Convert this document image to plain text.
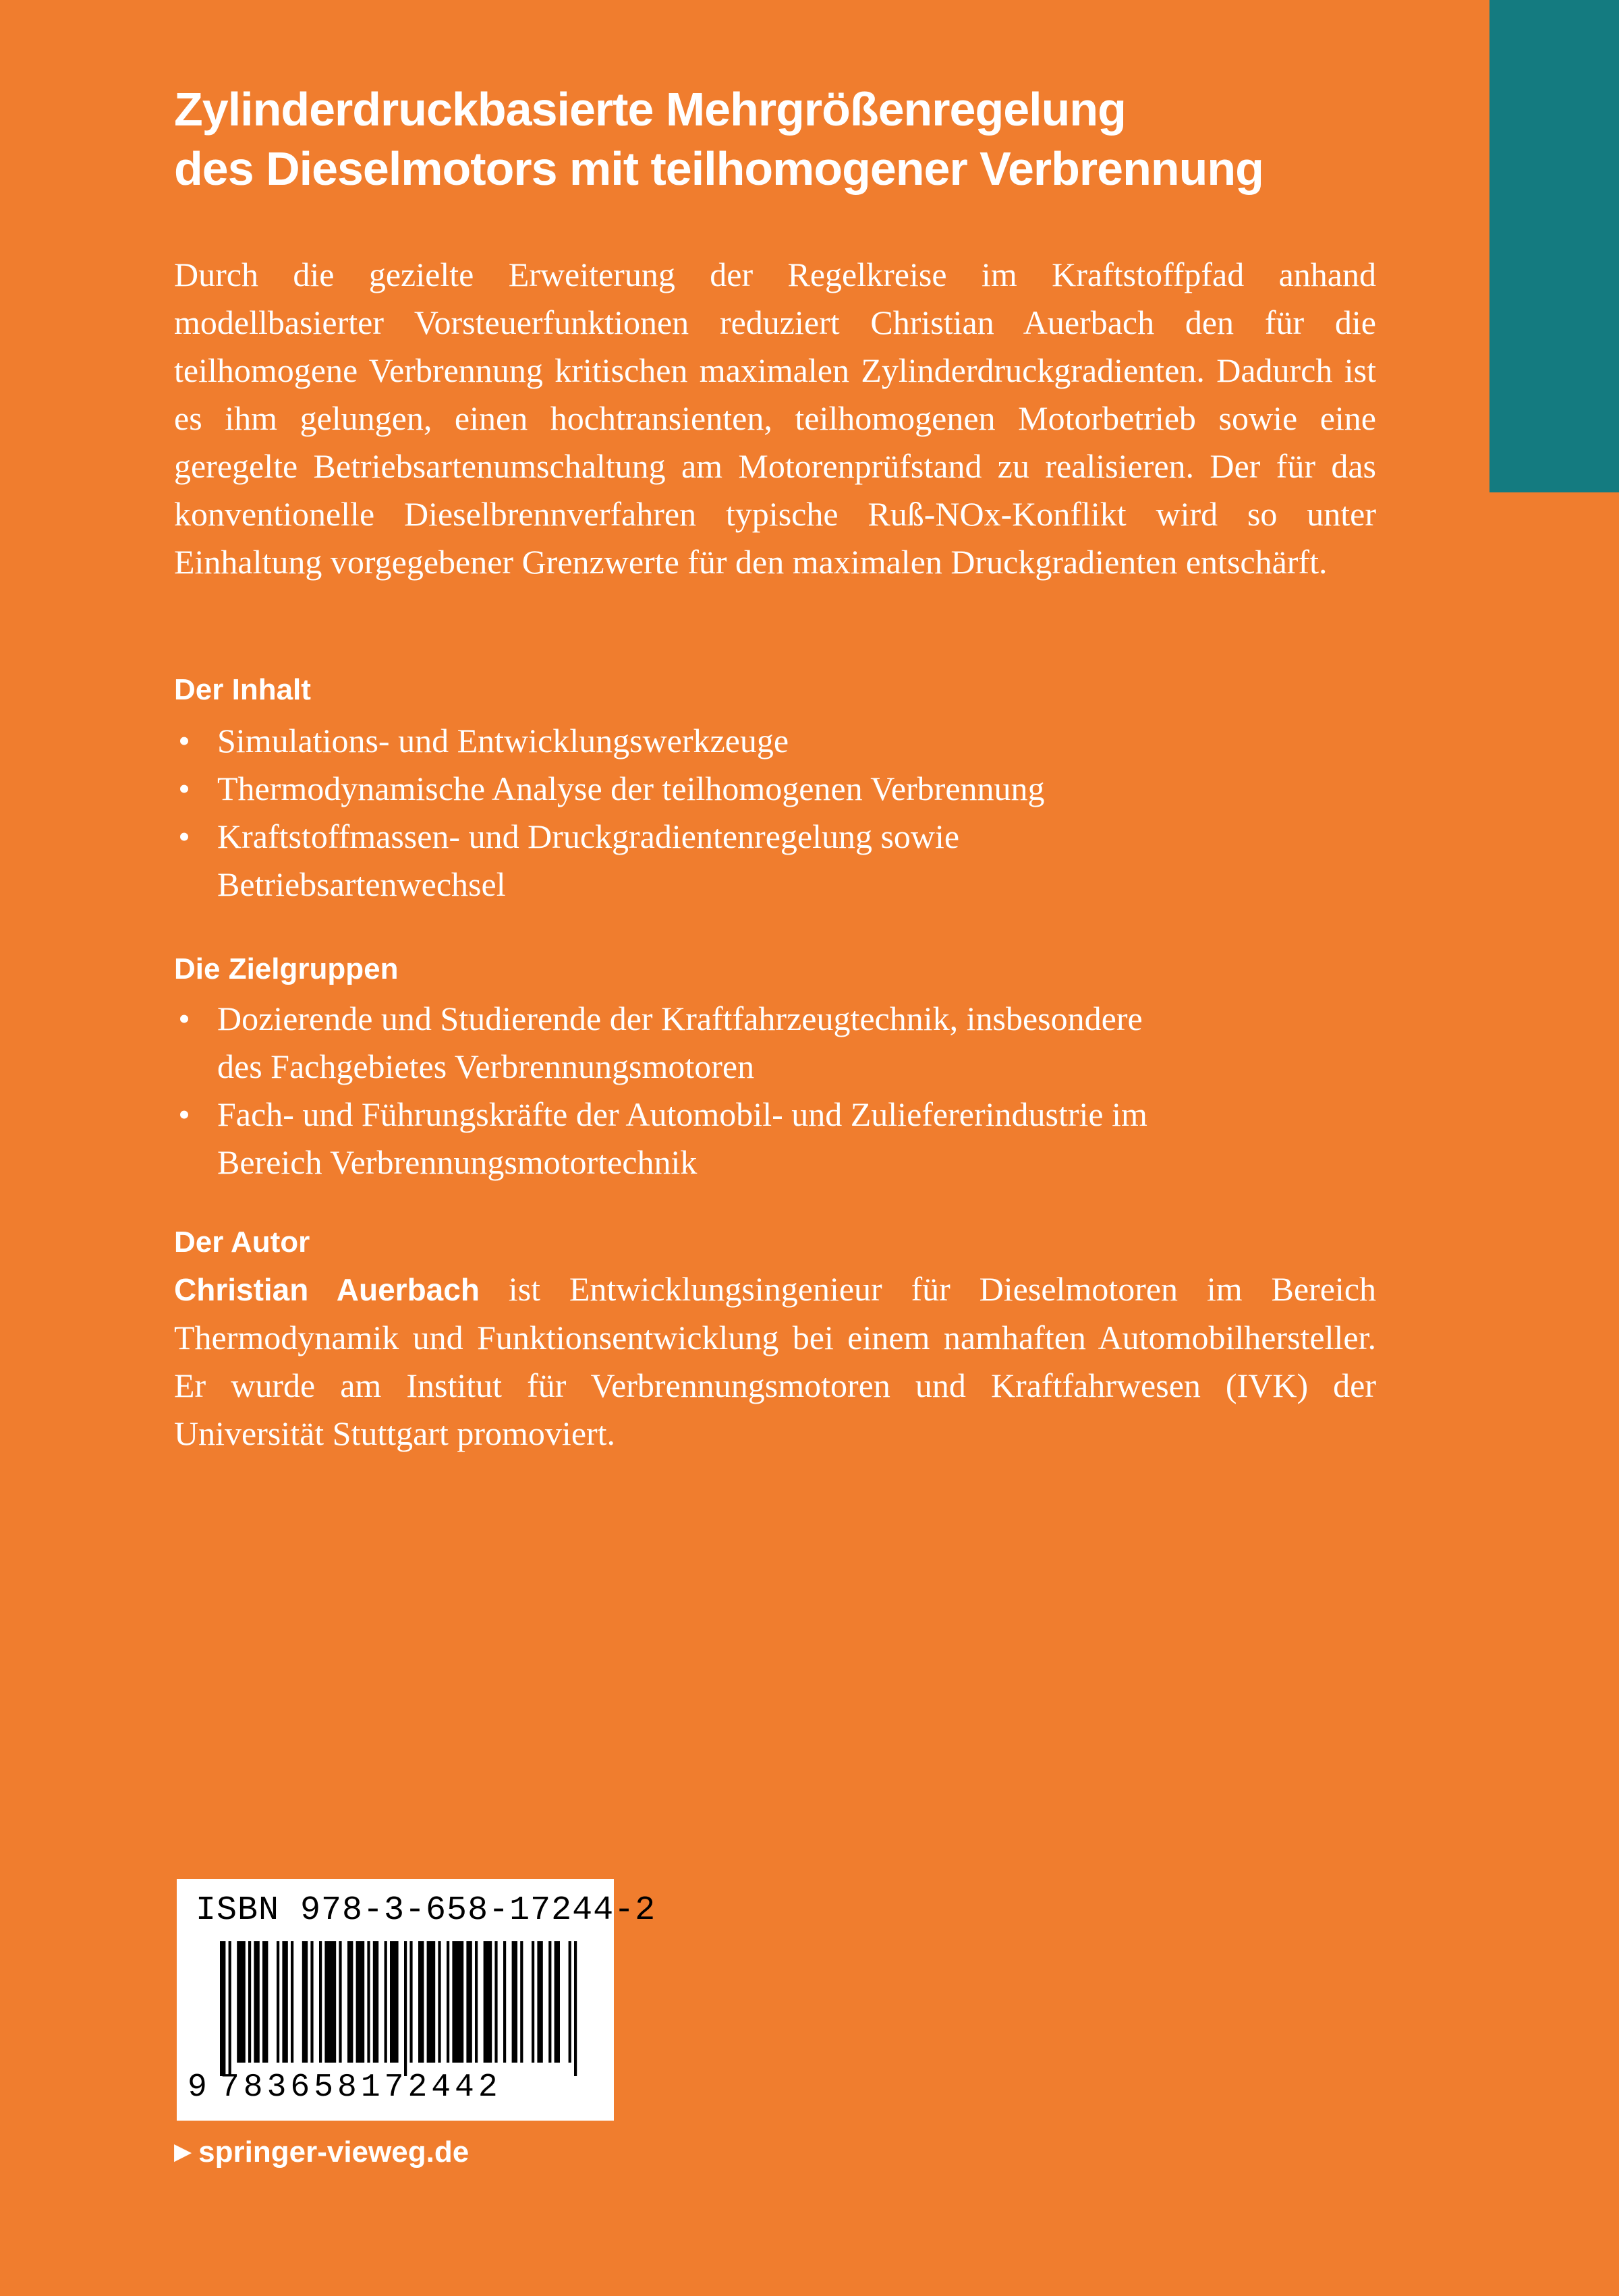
Zylinderdruckbasierte Mehrgrößenregelung
des Dieselmotors mit teilhomogener Verbrennung

Durch die gezielte Erweiterung der Regelkreise im Kraftstoffpfad anhand modellbasierter Vorsteuerfunktionen reduziert Christian Auerbach den für die teilhomogene Verbrennung kritischen maximalen Zylinderdruckgradienten. Dadurch ist es ihm gelungen, einen hochtransienten, teilhomogenen Motorbetrieb sowie eine geregelte Betriebsartenumschaltung am Motorenprüfstand zu realisieren. Der für das konventionelle Dieselbrennverfahren typische Ruß-NOx-Konflikt wird so unter Einhaltung vorgegebener Grenzwerte für den maximalen Druckgradienten entschärft.

Der Inhalt
• Simulations- und Entwicklungswerkzeuge
• Thermodynamische Analyse der teilhomogenen Verbrennung
• Kraftstoffmassen- und Druckgradientenregelung sowie Betriebsartenwechsel
Die Zielgruppen
• Dozierende und Studierende der Kraftfahrzeugtechnik, insbesondere des Fachgebietes Verbrennungsmotoren
• Fach- und Führungskräfte der Automobil- und Zuliefererindustrie im Bereich Verbrennungsmotortechnik
Der Autor

Christian Auerbach ist Entwicklungsingenieur für Dieselmotoren im Bereich Thermodynamik und Funktionsentwicklung bei einem namhaften Automobilhersteller. Er wurde am Institut für Verbrennungsmotoren und Kraftfahrwesen (IVK) der Universität Stuttgart promoviert.

ISBN 978-3-658-17244-2
9 783658172442
▶ springer-vieweg.de
